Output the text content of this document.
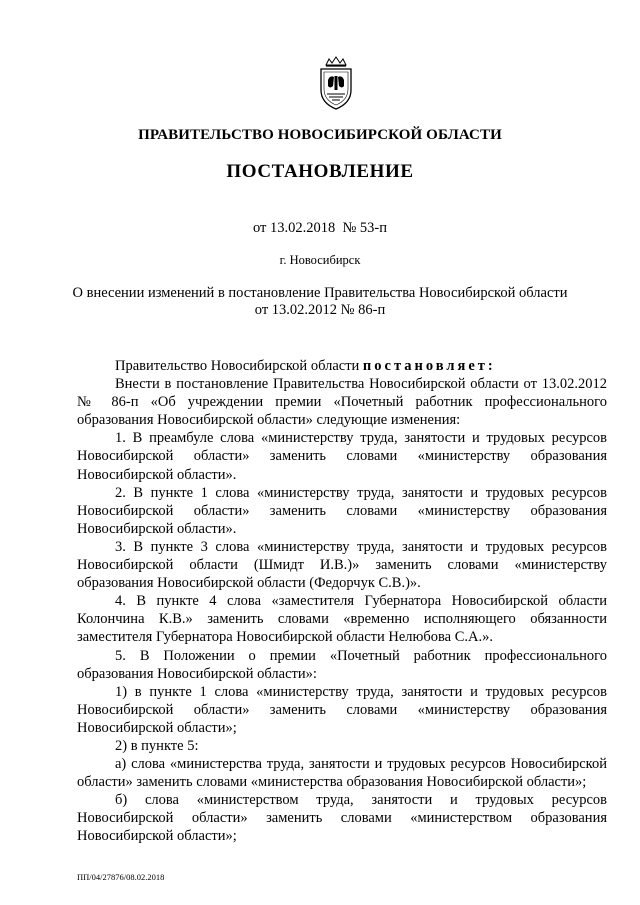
ПРАВИТЕЛЬСТВО НОВОСИБИРСКОЙ ОБЛАСТИ
ПОСТАНОВЛЕНИЕ
от 13.02.2018  № 53-п
г. Новосибирск
О внесении изменений в постановление Правительства Новосибирской области
от 13.02.2012 № 86-п

Правительство Новосибирской области постановляет:

Внести в постановление Правительства Новосибирской области от 13.02.2012 № 86-п «Об учреждении премии «Почетный работник профессионального образования Новосибирской области» следующие изменения:

1. В преамбуле слова «министерству труда, занятости и трудовых ресурсов Новосибирской области» заменить словами «министерству образования Новосибирской области».

2. В пункте 1 слова «министерству труда, занятости и трудовых ресурсов Новосибирской области» заменить словами «министерству образования Новосибирской области».

3. В пункте 3 слова «министерству труда, занятости и трудовых ресурсов Новосибирской области (Шмидт И.В.)» заменить словами «министерству образования Новосибирской области (Федорчук С.В.)».

4. В пункте 4 слова «заместителя Губернатора Новосибирской области Колончина К.В.» заменить словами «временно исполняющего обязанности заместителя Губернатора Новосибирской области Нелюбова С.А.».

5. В Положении о премии «Почетный работник профессионального образования Новосибирской области»:

1) в пункте 1 слова «министерству труда, занятости и трудовых ресурсов Новосибирской области» заменить словами «министерству образования Новосибирской области»;

2) в пункте 5:

а) слова «министерства труда, занятости и трудовых ресурсов Новосибирской области» заменить словами «министерства образования Новосибирской области»;

б) слова «министерством труда, занятости и трудовых ресурсов Новосибирской области» заменить словами «министерством образования Новосибирской области»;

ПП/04/27876/08.02.2018
